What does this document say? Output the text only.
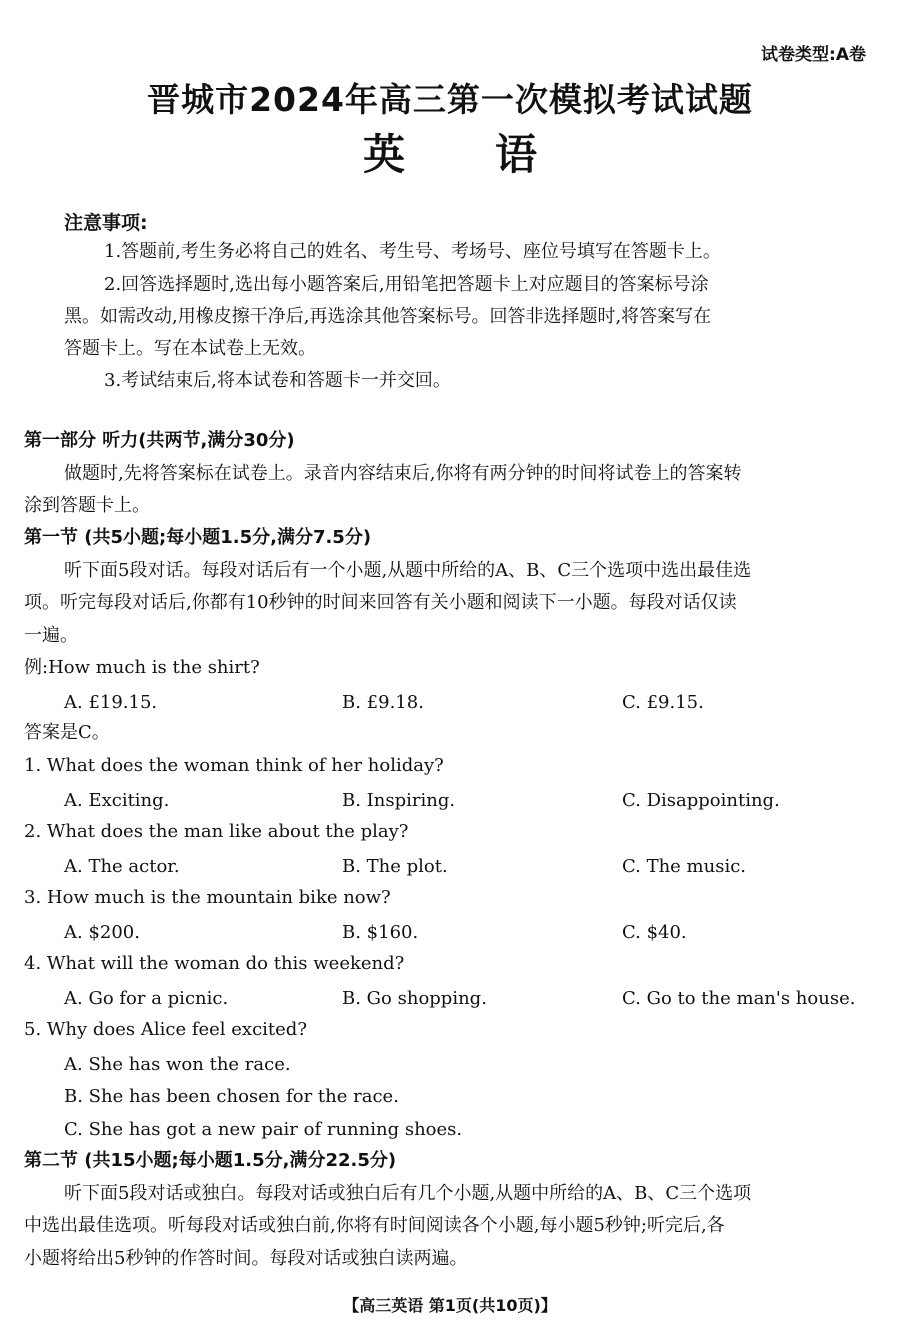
试卷类型:A卷
晋城市2024年高三第一次模拟考试试题
英语
注意事项:
1.答题前,考生务必将自己的姓名、考生号、考场号、座位号填写在答题卡上。
2.回答选择题时,选出每小题答案后,用铅笔把答题卡上对应题目的答案标号涂
黑。如需改动,用橡皮擦干净后,再选涂其他答案标号。回答非选择题时,将答案写在
答题卡上。写在本试卷上无效。
3.考试结束后,将本试卷和答题卡一并交回。
第一部分 听力(共两节,满分30分)
做题时,先将答案标在试卷上。录音内容结束后,你将有两分钟的时间将试卷上的答案转
涂到答题卡上。
第一节 (共5小题;每小题1.5分,满分7.5分)
听下面5段对话。每段对话后有一个小题,从题中所给的A、B、C三个选项中选出最佳选
项。听完每段对话后,你都有10秒钟的时间来回答有关小题和阅读下一小题。每段对话仅读
一遍。
例:How much is the shirt?
A. £19.15.	B. £9.18.	C. £9.15.
答案是C。
1. What does the woman think of her holiday?
A. Exciting.	B. Inspiring.	C. Disappointing.
2. What does the man like about the play?
A. The actor.	B. The plot.	C. The music.
3. How much is the mountain bike now?
A. $200.	B. $160.	C. $40.
4. What will the woman do this weekend?
A. Go for a picnic.	B. Go shopping.	C. Go to the man's house.
5. Why does Alice feel excited?
A. She has won the race.
B. She has been chosen for the race.
C. She has got a new pair of running shoes.
第二节 (共15小题;每小题1.5分,满分22.5分)
听下面5段对话或独白。每段对话或独白后有几个小题,从题中所给的A、B、C三个选项
中选出最佳选项。听每段对话或独白前,你将有时间阅读各个小题,每小题5秒钟;听完后,各
小题将给出5秒钟的作答时间。每段对话或独白读两遍。
【高三英语 第1页(共10页)】
